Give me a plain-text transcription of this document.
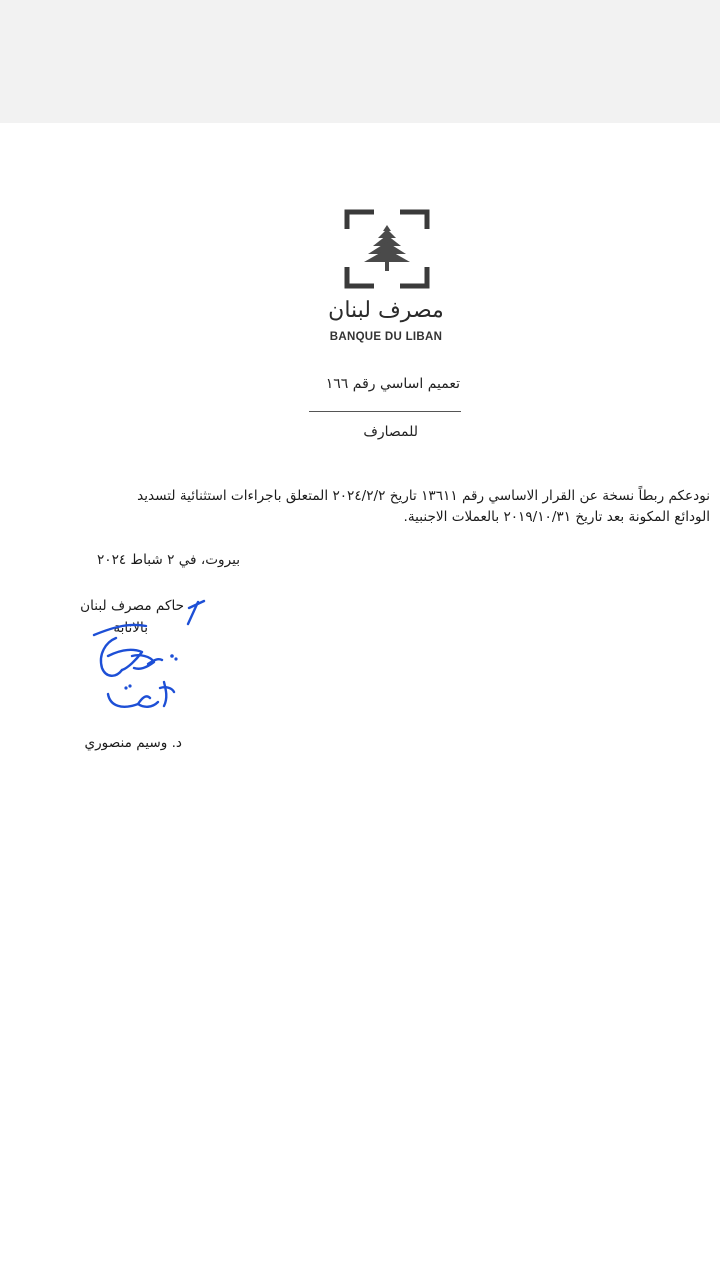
مصرف لبنان
BANQUE DU LIBAN
تعميم اساسي رقم ١٦٦
للمصارف
نودعكم ربطاً نسخة عن القرار الاساسي رقم ١٣٦١١ تاريخ ٢٠٢٤/٢/٢ المتعلق باجراءات استثنائية لتسديد
الودائع المكونة بعد تاريخ ٢٠١٩/١٠/٣١ بالعملات الاجنبية.
بيروت، في ٢ شباط ٢٠٢٤
حاكم مصرف لبنان
بالانابة
د. وسيم منصوري
